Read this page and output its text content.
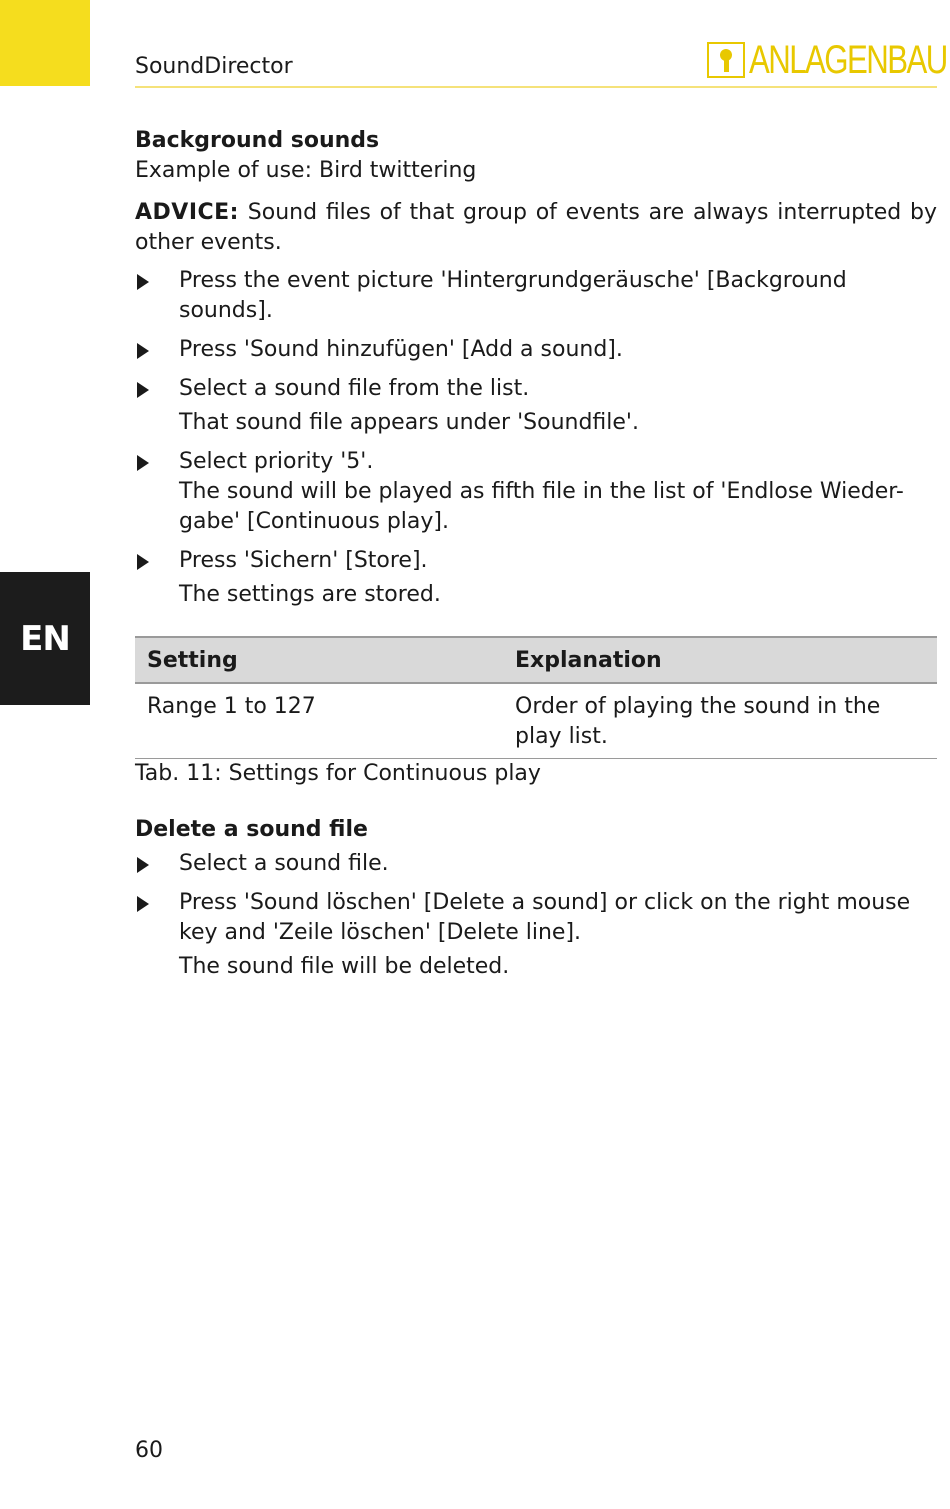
EN
SoundDirector	ANLAGENBAU
Background sounds
Example of use: Bird twittering
ADVICE: Sound files of that group of events are always interrupted by other events.
Press the event picture 'Hintergrundgeräusche' [Background sounds].
Press 'Sound hinzufügen' [Add a sound].
Select a sound file from the list.
That sound file appears under 'Soundfile'.
Select priority '5'.
The sound will be played as fifth file in the list of 'Endlose Wieder-gabe' [Continuous play].
Press 'Sichern' [Store].
The settings are stored.
Setting	Explanation
Range 1 to 127	Order of playing the sound in the play list.
Tab. 11: Settings for Continuous play
Delete a sound file
Select a sound file.
Press 'Sound löschen' [Delete a sound] or click on the right mouse key and 'Zeile löschen' [Delete line].
The sound file will be deleted.
60
